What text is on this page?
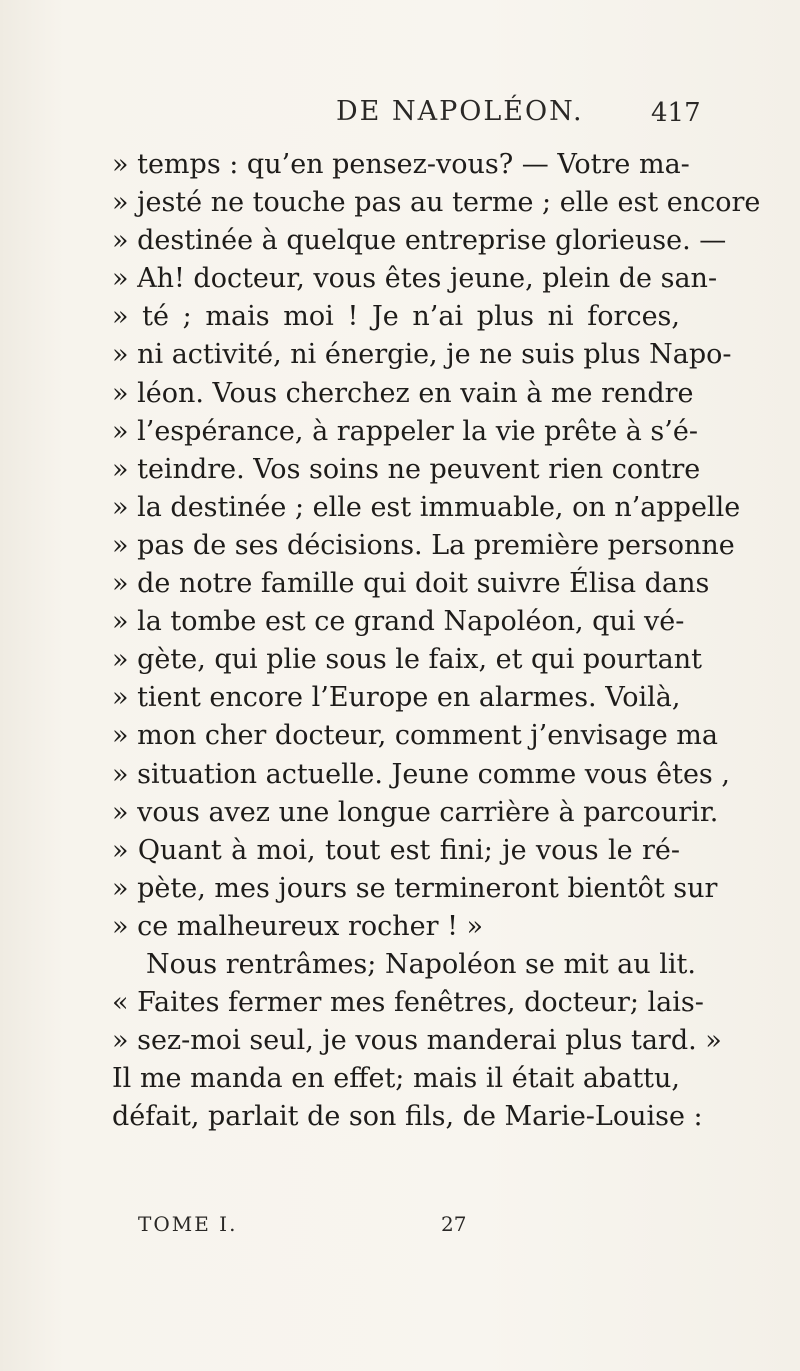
DE NAPOLÉON.	417
» temps : qu’en pensez-vous? — Votre ma-
» jesté ne touche pas au terme ; elle est encore
» destinée à quelque entreprise glorieuse. —
» Ah! docteur, vous êtes jeune, plein de san-
» té ; mais moi ! Je n’ai plus ni forces,
» ni activité, ni énergie, je ne suis plus Napo-
» léon. Vous cherchez en vain à me rendre
» l’espérance, à rappeler la vie prête à s’é-
» teindre. Vos soins ne peuvent rien contre
» la destinée ; elle est immuable, on n’appelle
» pas de ses décisions. La première personne
» de notre famille qui doit suivre Élisa dans
» la tombe est ce grand Napoléon, qui vé-
» gète, qui plie sous le faix, et qui pourtant
» tient encore l’Europe en alarmes. Voilà,
» mon cher docteur, comment j’envisage ma
» situation actuelle. Jeune comme vous êtes ,
» vous avez une longue carrière à parcourir.
» Quant à moi, tout est fini; je vous le ré-
» pète, mes jours se termineront bientôt sur
» ce malheureux rocher ! »
Nous rentrâmes; Napoléon se mit au lit.
« Faites fermer mes fenêtres, docteur; lais-
» sez-moi seul, je vous manderai plus tard. »
Il me manda en effet; mais il était abattu,
défait, parlait de son fils, de Marie-Louise :
TOME I.	27
